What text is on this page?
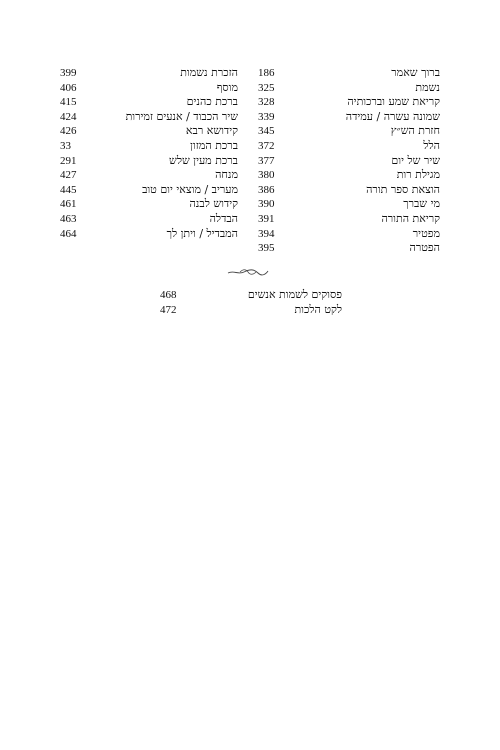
186	ברוך שאמר
325	נשמת
328	קריאת שמע וברכותיה
339	שמונה עשרה / עמידה
345	חזרת הש״ץ
372	הלל
377	שיר של יום
380	מגילת רות
386	הוצאת ספר תורה
390	מי שברך
391	קריאת התורה
394	מפטיר
395	הפטרה
399	הזכרת נשמות
406	מוסף
415	ברכת כהנים
424	שיר הכבוד / אנעים זמירות
426	קידושא רבא
33	ברכת המזון
291	ברכת מעין שלש
427	מנחה
445	מעריב / מוצאי יום טוב
461	קידוש לבנה
463	הבדלה
464	המבדיל / ויתן לך
468	פסוקים לשמות אנשים
472	לקט הלכות
